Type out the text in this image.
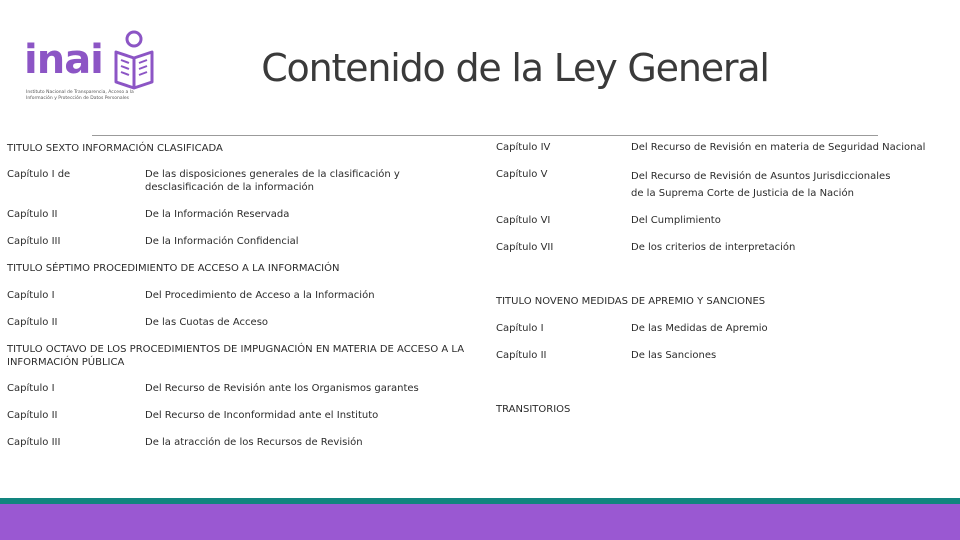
inai
Instituto Nacional de Transparencia, Acceso a la Información y Protección de Datos Personales
Contenido de la Ley General
TITULO SEXTO INFORMACIÓN CLASIFICADA
Capítulo I de	De las disposiciones generales de la clasificación y desclasificación de la información
Capítulo II	De la Información Reservada
Capítulo III	De la Información Confidencial
TITULO SÉPTIMO PROCEDIMIENTO DE ACCESO A LA INFORMACIÓN
Capítulo I	Del Procedimiento de Acceso a la Información
Capítulo II	De las Cuotas de Acceso
TITULO OCTAVO DE LOS PROCEDIMIENTOS DE IMPUGNACIÓN EN MATERIA DE ACCESO A LA INFORMACIÓN PÚBLICA
Capítulo I	Del Recurso de Revisión ante los Organismos garantes
Capítulo II	Del Recurso de Inconformidad ante el Instituto
Capítulo III	De la atracción de los Recursos de Revisión
Capítulo IV	Del Recurso de Revisión en materia de Seguridad Nacional
Capítulo V	Del Recurso de Revisión de Asuntos Jurisdiccionales de la Suprema Corte de Justicia de la Nación
Capítulo VI	Del Cumplimiento
Capítulo VII	De los criterios de interpretación
TITULO NOVENO MEDIDAS DE APREMIO Y SANCIONES
Capítulo I	De las Medidas de Apremio
Capítulo II	De las Sanciones
TRANSITORIOS
